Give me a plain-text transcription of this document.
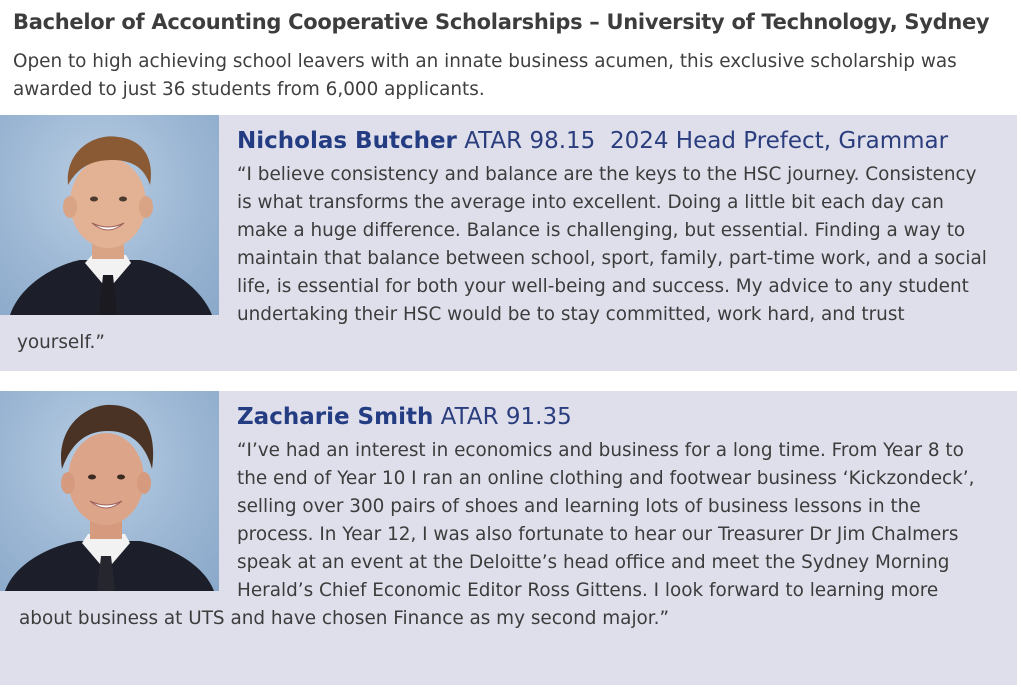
Bachelor of Accounting Cooperative Scholarships – University of Technology, Sydney
Open to high achieving school leavers with an innate business acumen, this exclusive scholarship was awarded to just 36 students from 6,000 applicants.
Nicholas Butcher ATAR 98.15 2024 Head Prefect, Grammar

“I believe consistency and balance are the keys to the HSC journey. Consistency is what transforms the average into excellent. Doing a little bit each day can make a huge difference. Balance is challenging, but essential. Finding a way to maintain that balance between school, sport, family, part-time work, and a social life, is essential for both your well-being and success. My advice to any student undertaking their HSC would be to stay committed, work hard, and trust yourself.”

Zacharie Smith ATAR 91.35

“I’ve had an interest in economics and business for a long time. From Year 8 to the end of Year 10 I ran an online clothing and footwear business ‘Kickzondeck’, selling over 300 pairs of shoes and learning lots of business lessons in the process. In Year 12, I was also fortunate to hear our Treasurer Dr Jim Chalmers speak at an event at the Deloitte’s head office and meet the Sydney Morning Herald’s Chief Economic Editor Ross Gittens. I look forward to learning more about business at UTS and have chosen Finance as my second major.”
